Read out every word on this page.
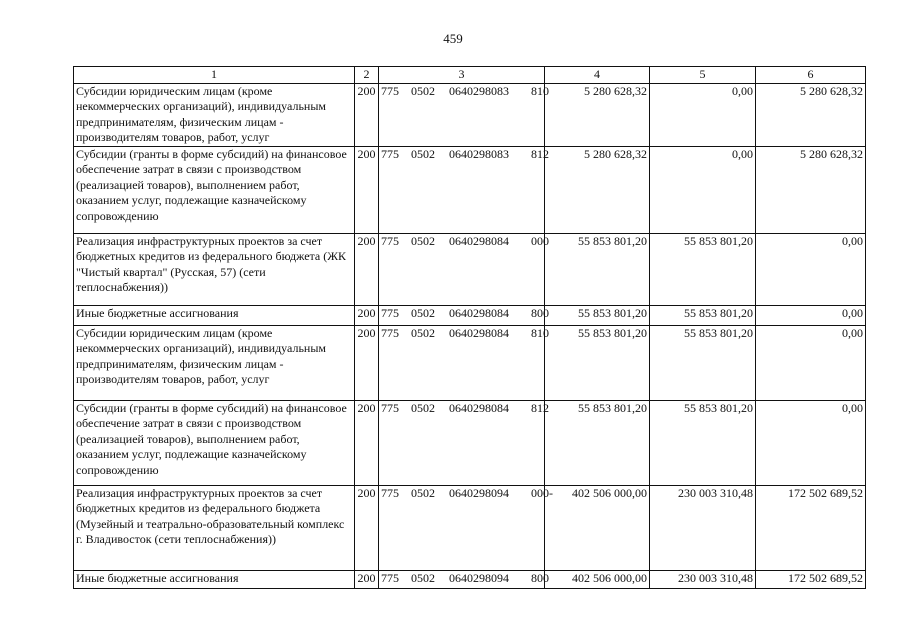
459
1	2	3	4	5	6
Субсидии юридическим лицам (кроме некоммерческих организаций), индивидуальным предпринимателям, физическим лицам - производителям товаров, работ, услуг	200	775 0502 0640298083 810	5 280 628,32	0,00	5 280 628,32
Субсидии (гранты в форме субсидий) на финансовое обеспечение затрат в связи с производством (реализацией товаров), выполнением работ, оказанием услуг, подлежащие казначейскому сопровождению	200	775 0502 0640298083 812	5 280 628,32	0,00	5 280 628,32
Реализация инфраструктурных проектов за счет бюджетных кредитов из федерального бюджета (ЖК "Чистый квартал" (Русская, 57) (сети теплоснабжения))	200	775 0502 0640298084 000	55 853 801,20	55 853 801,20	0,00
Иные бюджетные ассигнования	200	775 0502 0640298084 800	55 853 801,20	55 853 801,20	0,00
Субсидии юридическим лицам (кроме некоммерческих организаций), индивидуальным предпринимателям, физическим лицам - производителям товаров, работ, услуг	200	775 0502 0640298084 810	55 853 801,20	55 853 801,20	0,00
Субсидии (гранты в форме субсидий) на финансовое обеспечение затрат в связи с производством (реализацией товаров), выполнением работ, оказанием услуг, подлежащие казначейскому сопровождению	200	775 0502 0640298084 812	55 853 801,20	55 853 801,20	0,00
Реализация инфраструктурных проектов за счет бюджетных кредитов из федерального бюджета (Музейный и театрально-образовательный комплекс г. Владивосток (сети теплоснабжения))	200	775 0502 0640298094 000-	402 506 000,00	230 003 310,48	172 502 689,52
Иные бюджетные ассигнования	200	775 0502 0640298094 800	402 506 000,00	230 003 310,48	172 502 689,52
